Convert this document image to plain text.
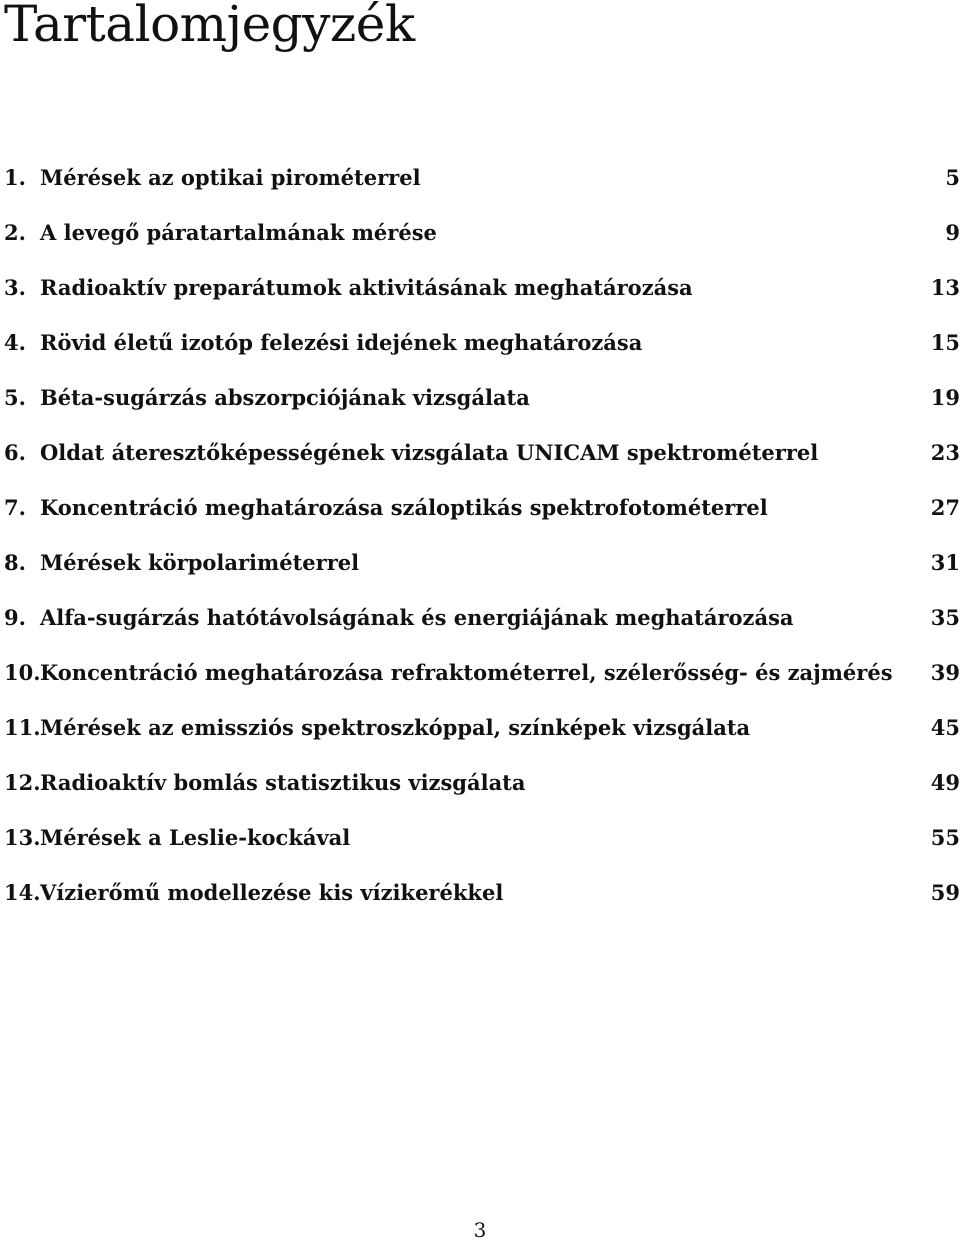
Tartalomjegyzék
1. Mérések az optikai pirométerrel	5
2. A levegő páratartalmának mérése	9
3. Radioaktív preparátumok aktivitásának meghatározása	13
4. Rövid életű izotóp felezési idejének meghatározása	15
5. Béta-sugárzás abszorpciójának vizsgálata	19
6. Oldat áteresztőképességének vizsgálata UNICAM spektrométerrel	23
7. Koncentráció meghatározása száloptikás spektrofotométerrel	27
8. Mérések körpolariméterrel	31
9. Alfa-sugárzás hatótávolságának és energiájának meghatározása	35
10. Koncentráció meghatározása refraktométerrel, szélerősség- és zajmérés 39
11. Mérések az emissziós spektroszkóppal, színképek vizsgálata	45
12. Radioaktív bomlás statisztikus vizsgálata	49
13. Mérések a Leslie-kockával	55
14. Vízierőmű modellezése kis vízikerékkel	59
3
